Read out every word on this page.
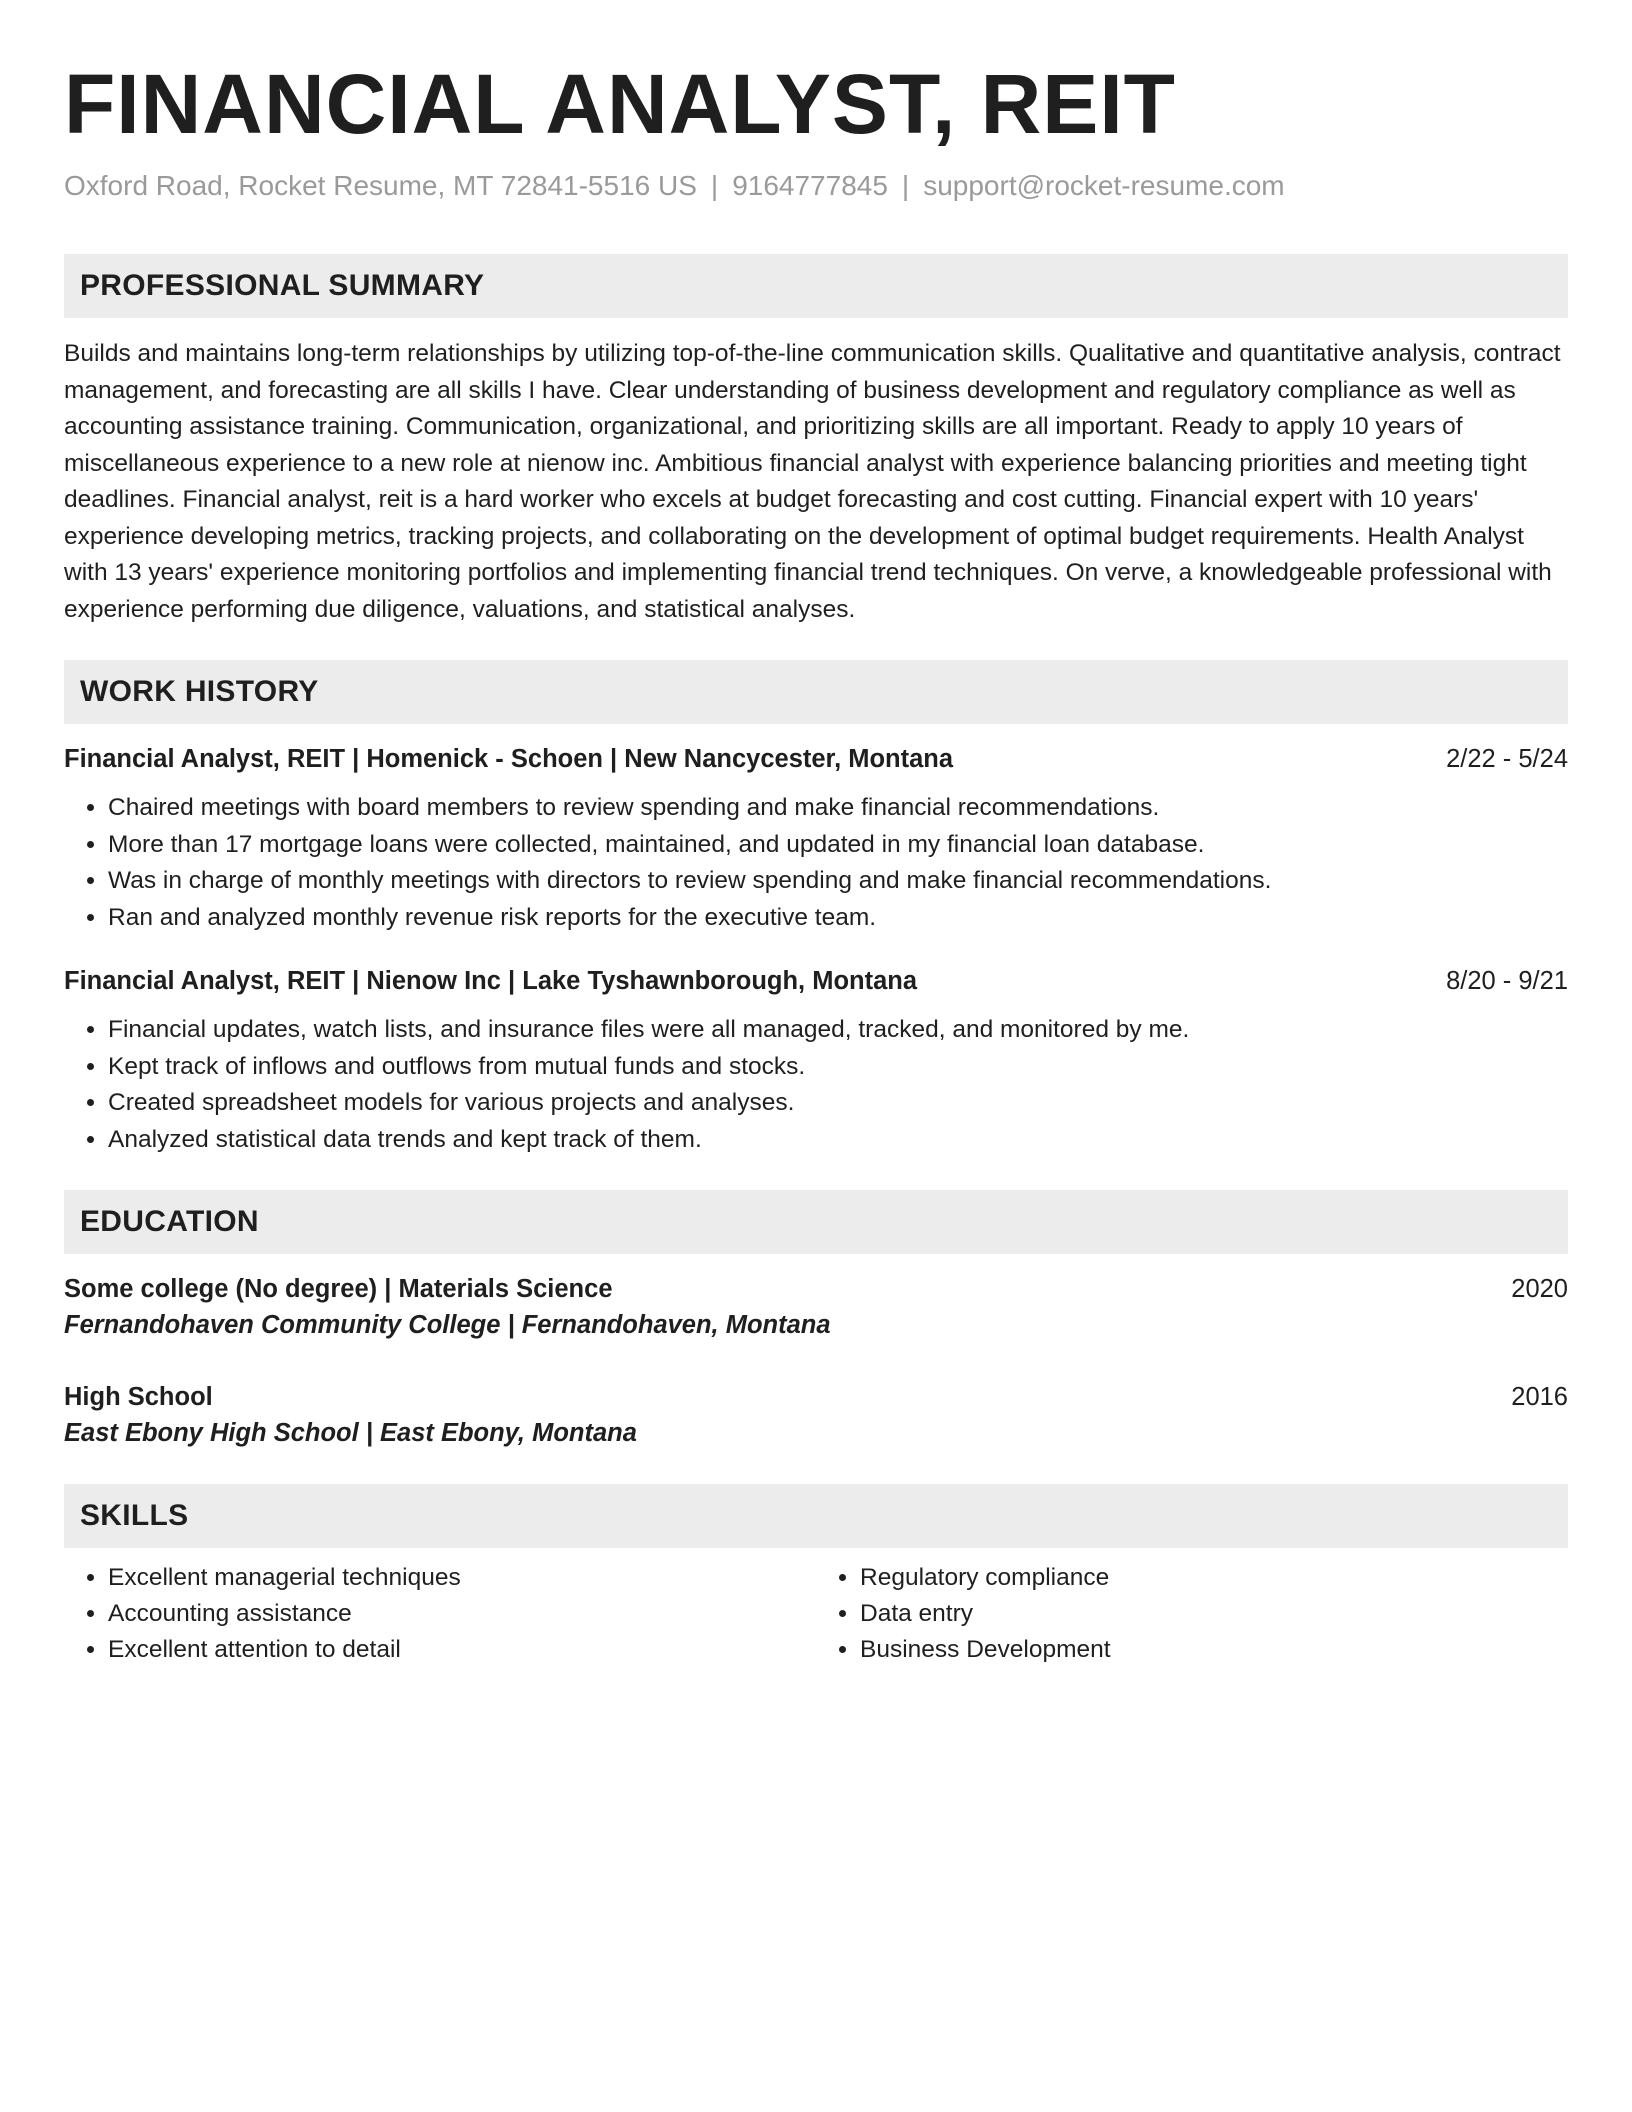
FINANCIAL ANALYST, REIT
Oxford Road, Rocket Resume, MT 72841-5516 US | 9164777845 | support@rocket-resume.com
PROFESSIONAL SUMMARY
Builds and maintains long-term relationships by utilizing top-of-the-line communication skills. Qualitative and quantitative analysis, contract management, and forecasting are all skills I have. Clear understanding of business development and regulatory compliance as well as accounting assistance training. Communication, organizational, and prioritizing skills are all important. Ready to apply 10 years of miscellaneous experience to a new role at nienow inc. Ambitious financial analyst with experience balancing priorities and meeting tight deadlines. Financial analyst, reit is a hard worker who excels at budget forecasting and cost cutting. Financial expert with 10 years' experience developing metrics, tracking projects, and collaborating on the development of optimal budget requirements. Health Analyst with 13 years' experience monitoring portfolios and implementing financial trend techniques. On verve, a knowledgeable professional with experience performing due diligence, valuations, and statistical analyses.
WORK HISTORY
Financial Analyst, REIT | Homenick - Schoen | New Nancycester, Montana	2/22 - 5/24
• Chaired meetings with board members to review spending and make financial recommendations.
• More than 17 mortgage loans were collected, maintained, and updated in my financial loan database.
• Was in charge of monthly meetings with directors to review spending and make financial recommendations.
• Ran and analyzed monthly revenue risk reports for the executive team.
Financial Analyst, REIT | Nienow Inc | Lake Tyshawnborough, Montana	8/20 - 9/21
• Financial updates, watch lists, and insurance files were all managed, tracked, and monitored by me.
• Kept track of inflows and outflows from mutual funds and stocks.
• Created spreadsheet models for various projects and analyses.
• Analyzed statistical data trends and kept track of them.
EDUCATION
Some college (No degree) | Materials Science	2020
Fernandohaven Community College | Fernandohaven, Montana
High School	2016
East Ebony High School | East Ebony, Montana
SKILLS
• Excellent managerial techniques
• Accounting assistance
• Excellent attention to detail
• Regulatory compliance
• Data entry
• Business Development
